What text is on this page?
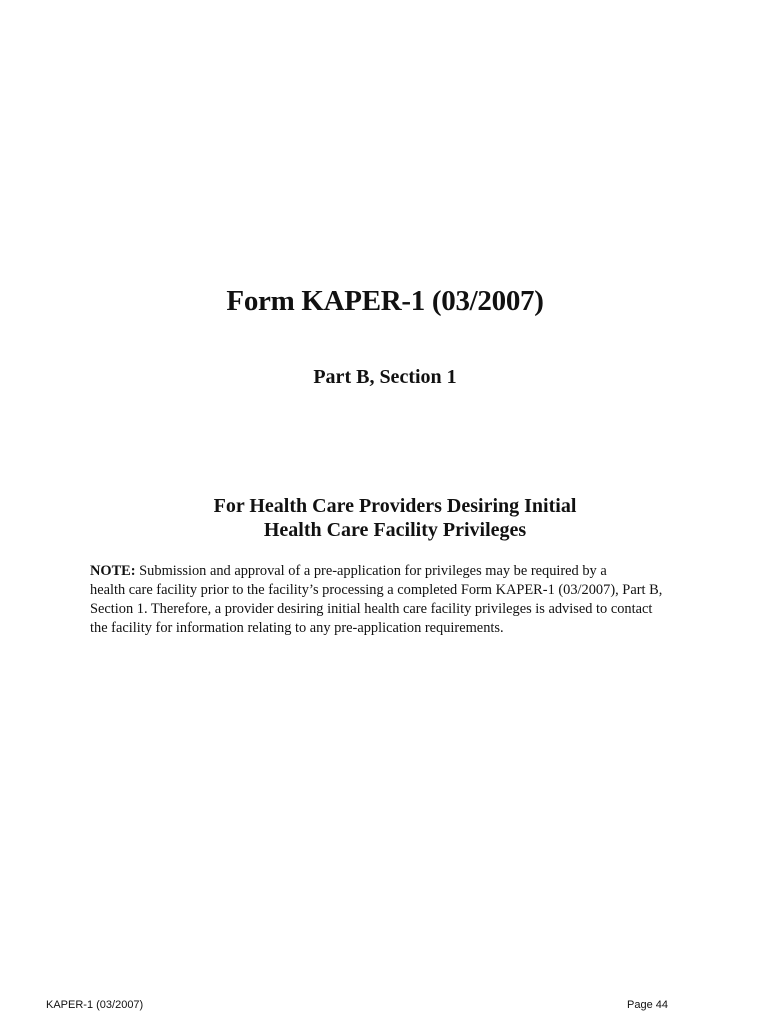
Form KAPER-1 (03/2007)
Part B, Section 1
For Health Care Providers Desiring Initial
Health Care Facility Privileges
NOTE: Submission and approval of a pre-application for privileges may be required by a
health care facility prior to the facility’s processing a completed Form KAPER-1 (03/2007), Part B,
Section 1. Therefore, a provider desiring initial health care facility privileges is advised to contact
the facility for information relating to any pre-application requirements.
KAPER-1 (03/2007)	Page 44
